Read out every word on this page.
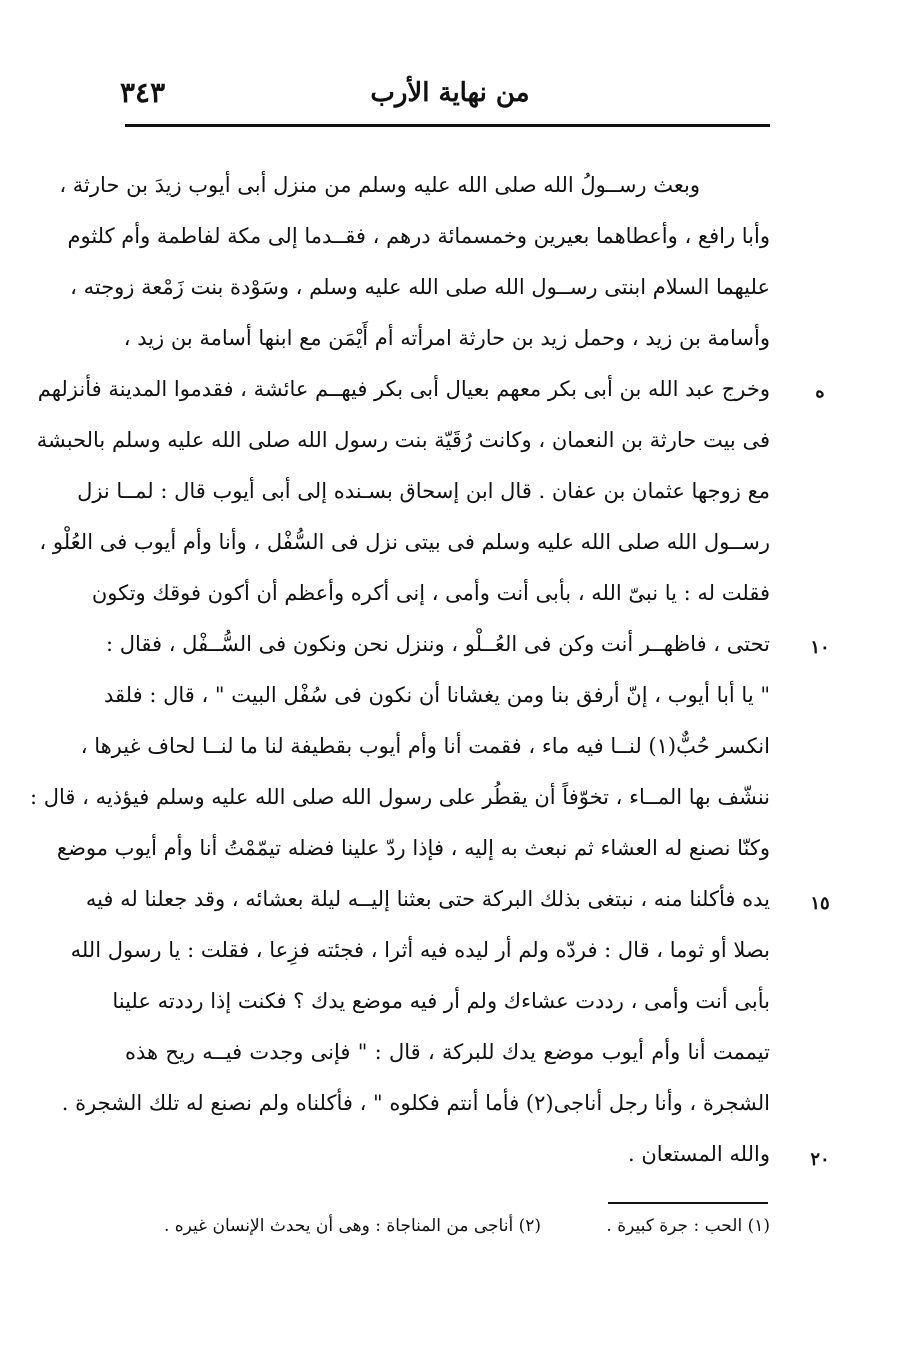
من نهاية الأرب
٣٤٣
وبعث رســولُ الله صلى الله عليه وسلم من منزل أبى أيوب زيدَ بن حارثة ،
وأبا رافع ، وأعطاهما بعيرين وخمسمائة درهم ، فقــدما إلى مكة لفاطمة وأم كلثوم
عليهما السلام ابنتى رســول الله صلى الله عليه وسلم ، وسَوْدة بنت زَمْعة زوجته ،
وأسامة بن زيد ، وحمل زيد بن حارثة امرأته أم أَيْمَن مع ابنها أسامة بن زيد ،
وخرج عبد الله بن أبى بكر معهم بعيال أبى بكر فيهــم عائشة ، فقدموا المدينة فأنزلهم
فى بيت حارثة بن النعمان ، وكانت رُقَيّة بنت رسول الله صلى الله عليه وسلم بالحبشة
مع زوجها عثمان بن عفان . قال ابن إسحاق بسـنده إلى أبى أيوب قال : لمــا نزل
رســول الله صلى الله عليه وسلم فى بيتى نزل فى السُّفْل ، وأنا وأم أيوب فى العُلْو ،
فقلت له : يا نبىّ الله ، بأبى أنت وأمى ، إنى أكره وأعظم أن أكون فوقك وتكون
تحتى ، فاظهــر أنت وكن فى العُــلْو ، وننزل نحن ونكون فى السُّــفْل ، فقال :
" يا أبا أيوب ، إنّ أرفق بنا ومن يغشانا أن نكون فى سُفْل البيت " ، قال : فلقد
انكسر حُبٌّ(١) لنــا فيه ماء ، فقمت أنا وأم أيوب بقطيفة لنا ما لنــا لحاف غيرها ،
ننشّف بها المــاء ، تخوّفاً أن يقطُر على رسول الله صلى الله عليه وسلم فيؤذيه ، قال :
وكنّا نصنع له العشاء ثم نبعث به إليه ، فإذا ردّ علينا فضله تيمّمْتُ أنا وأم أيوب موضع
يده فأكلنا منه ، نبتغى بذلك البركة حتى بعثنا إليــه ليلة بعشائه ، وقد جعلنا له فيه
بصلا أو ثوما ، قال : فردّه ولم أر ليده فيه أثرا ، فجئته فزِعا ، فقلت : يا رسول الله
بأبى أنت وأمى ، رددت عشاءك ولم أر فيه موضع يدك ؟ فكنت إذا رددته علينا
تيممت أنا وأم أيوب موضع يدك للبركة ، قال : " فإنى وجدت فيــه ريح هذه
الشجرة ، وأنا رجل أناجى(٢) فأما أنتم فكلوه " ، فأكلناه ولم نصنع له تلك الشجرة .
والله المستعان .
ه
١٠
١٥
٢٠
(١) الحب : جرة كبيرة . (٢) أناجى من المناجاة : وهى أن يحدث الإنسان غيره .
